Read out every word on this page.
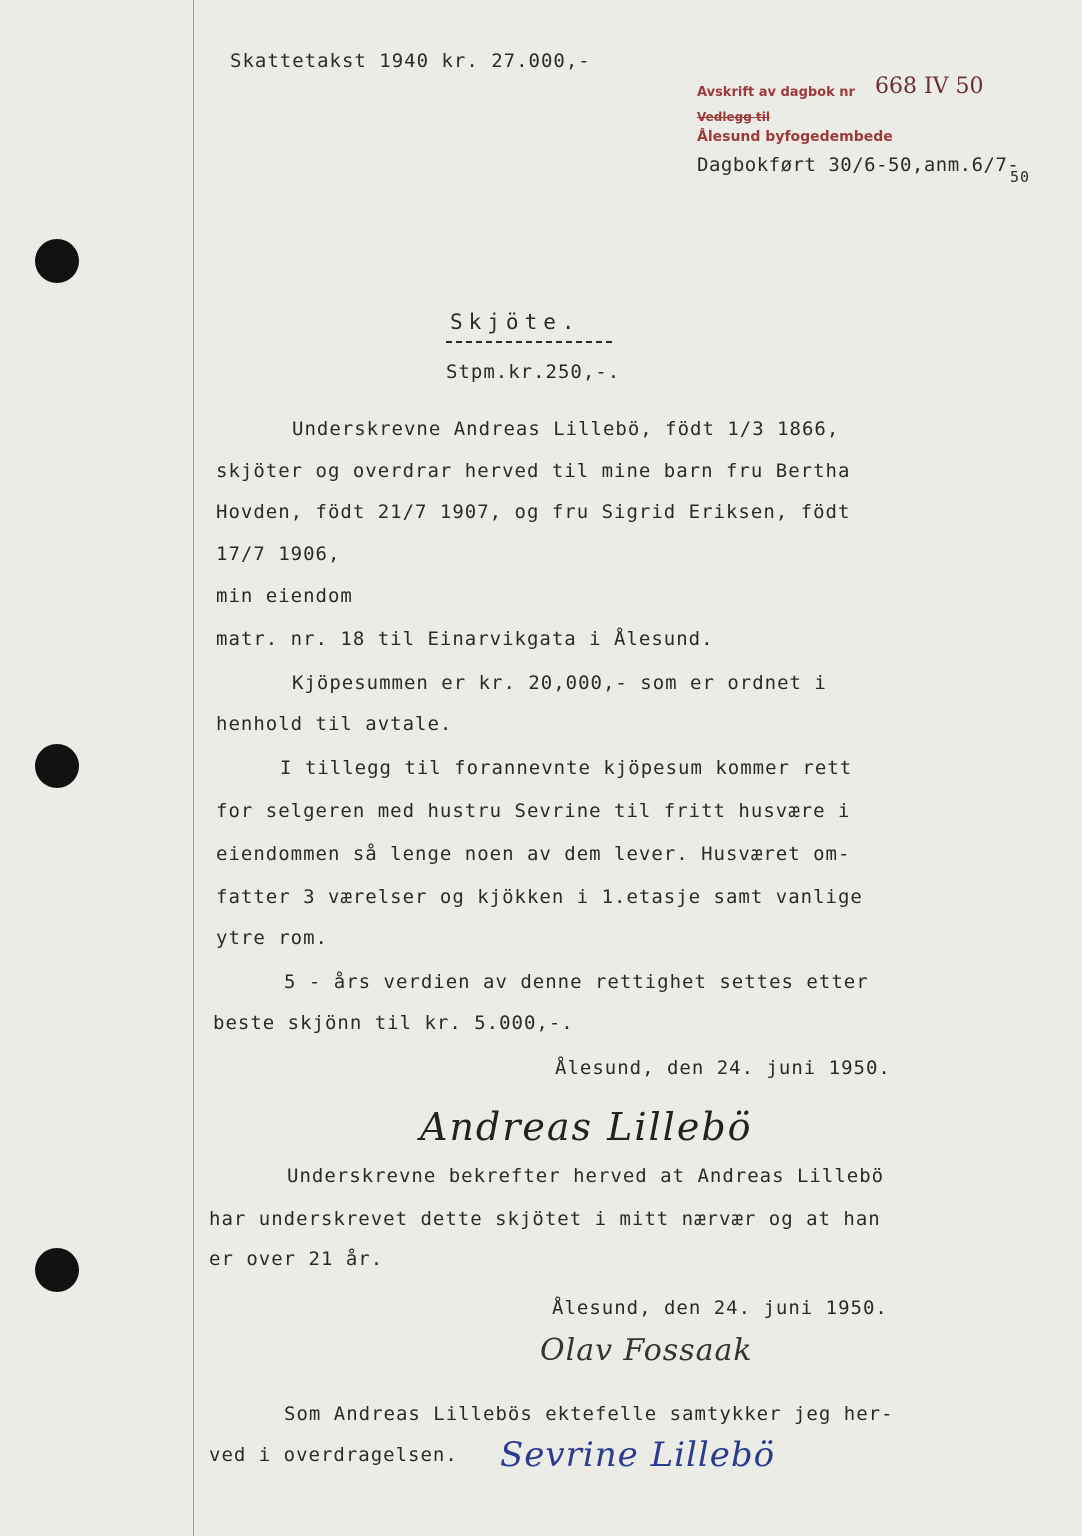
Skattetakst 1940 kr. 27.000,-
Avskrift av dagbok nr 668 IV 50
Vedlegg til
Ålesund byfogedembede
Dagbokført 30/6-50,anm.6/7-
50
Skjöte.
Stpm.kr.250,-.
Underskrevne Andreas Lillebö, födt 1/3 1866,
skjöter og overdrar herved til mine barn fru Bertha
Hovden, födt 21/7 1907, og fru Sigrid Eriksen, födt
17/7 1906,
min eiendom
matr. nr. 18 til Einarvikgata i Ålesund.
Kjöpesummen er kr. 20,000,- som er ordnet i
henhold til avtale.
I tillegg til forannevnte kjöpesum kommer rett
for selgeren med hustru Sevrine til fritt husvære i
eiendommen så lenge noen av dem lever. Husværet om-
fatter 3 værelser og kjökken i 1.etasje samt vanlige
ytre rom.
5 - års verdien av denne rettighet settes etter
beste skjönn til kr. 5.000,-.
Ålesund, den 24. juni 1950.
Andreas Lillebö
Underskrevne bekrefter herved at Andreas Lillebö
har underskrevet dette skjötet i mitt nærvær og at han
er over 21 år.
Ålesund, den 24. juni 1950.
Olav Fossaak
Som Andreas Lillebös ektefelle samtykker jeg her-
ved i overdragelsen. Sevrine Lillebö
